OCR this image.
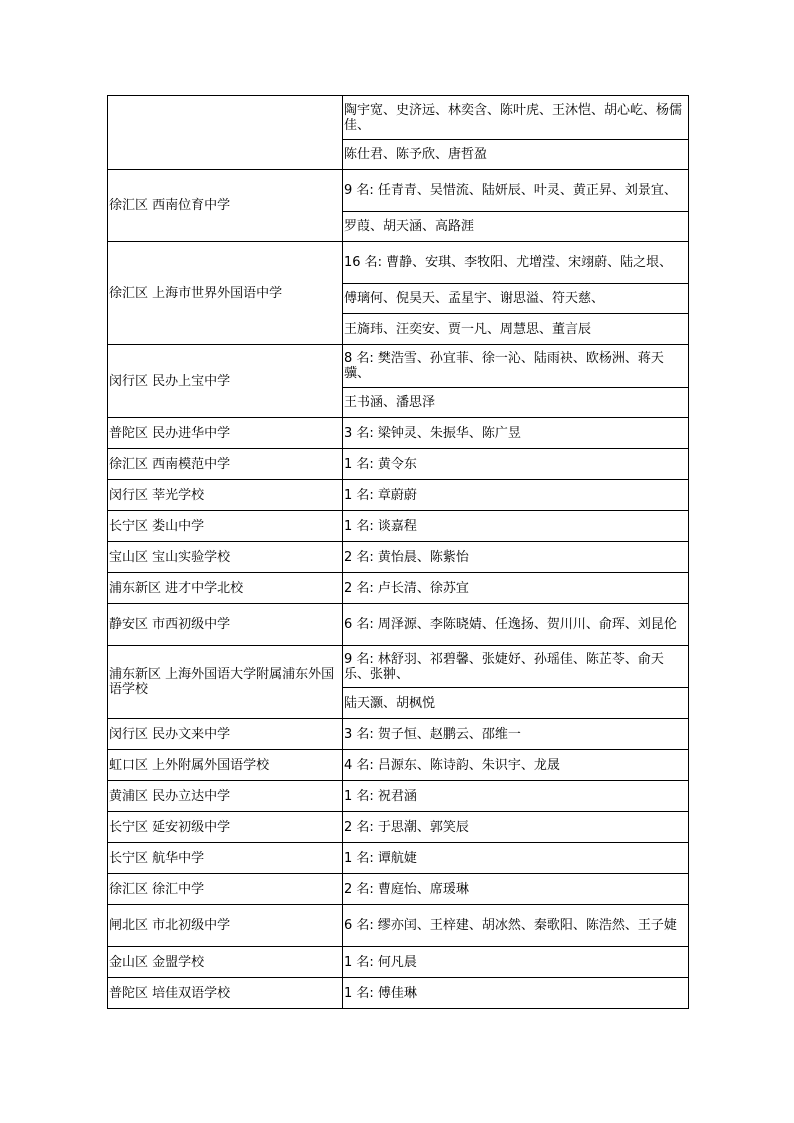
	陶宇宽、史济远、林奕含、陈叶虎、王沐恺、胡心屹、杨儒佳、
	陈仕君、陈予欣、唐哲盈
徐汇区 西南位育中学	9 名: 任青青、吴惜流、陆妍辰、叶灵、黄正昇、刘景宜、
	罗葭、胡天涵、高路涯
徐汇区 上海市世界外国语中学	16 名: 曹静、安琪、李牧阳、尤增滢、宋翊蔚、陆之垠、
	傅璃何、倪昊天、孟星宇、谢思溢、符天慈、
	王旖玮、汪奕安、贾一凡、周慧思、董言辰
闵行区 民办上宝中学	8 名: 樊浩雪、孙宜菲、徐一沁、陆雨袂、欧杨洲、蒋天骥、
	王书涵、潘思泽
普陀区 民办进华中学	3 名: 梁钟灵、朱振华、陈广昱
徐汇区 西南模范中学	1 名: 黄令东
闵行区 莘光学校	1 名: 章蔚蔚
长宁区 娄山中学	1 名: 谈嘉程
宝山区 宝山实验学校	2 名: 黄怡晨、陈紫怡
浦东新区 进才中学北校	2 名: 卢长清、徐苏宜
静安区 市西初级中学	6 名: 周泽源、李陈晓婧、任逸扬、贺川川、俞珲、刘昆伦
浦东新区 上海外国语大学附属浦东外国语学校	9 名: 林舒羽、祁碧馨、张婕妤、孙瑶佳、陈芷苓、俞天乐、张翀、
	陆天灏、胡枫悦
闵行区 民办文来中学	3 名: 贺子恒、赵鹏云、邵维一
虹口区 上外附属外国语学校	4 名: 吕源东、陈诗韵、朱识宇、龙晟
黄浦区 民办立达中学	1 名: 祝君涵
长宁区 延安初级中学	2 名: 于思潮、郭笑辰
长宁区 航华中学	1 名: 谭航婕
徐汇区 徐汇中学	2 名: 曹庭怡、席瑗琳
闸北区 市北初级中学	6 名: 缪亦闰、王梓建、胡冰然、秦歌阳、陈浩然、王子婕
金山区 金盟学校	1 名: 何凡晨
普陀区 培佳双语学校	1 名: 傅佳琳
